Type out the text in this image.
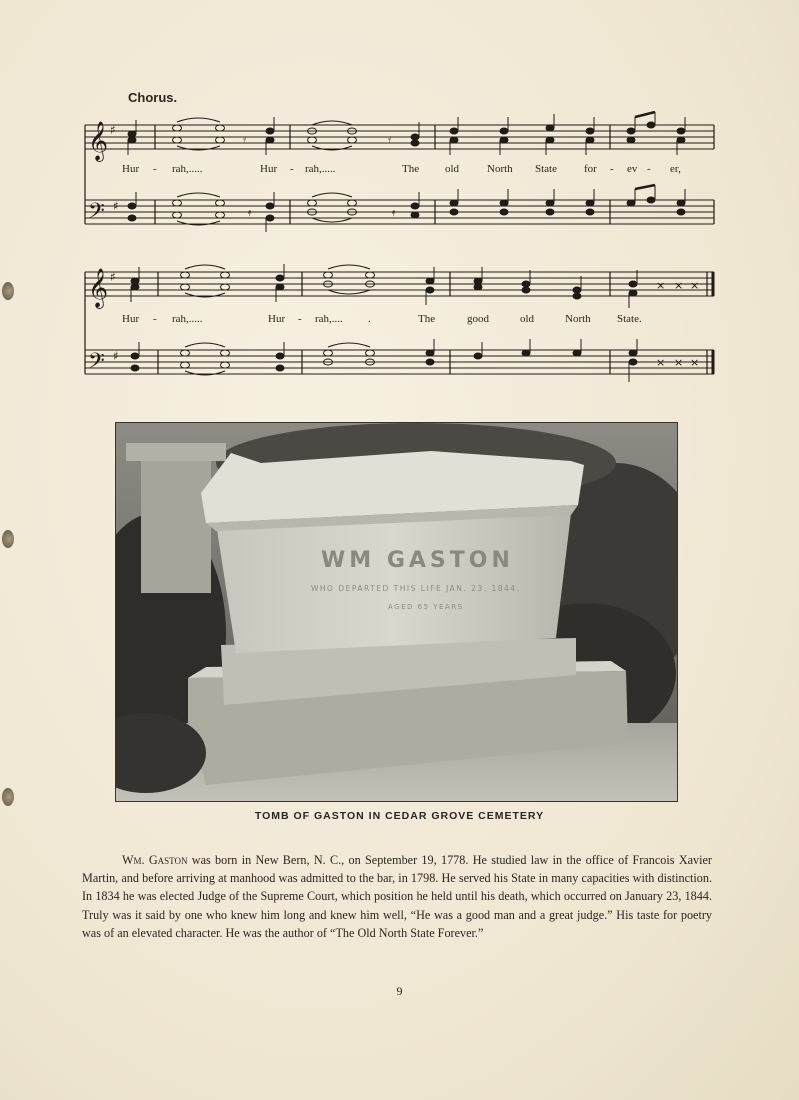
Chorus.
𝄞
𝄢
𝄞
𝄢
♯
♯
♯
♯
𝄿	𝄿
𝄿	𝄿
× × ×
× × ×
Hur - rah,.....	Hur - rah,.....	The old	North State for - ev - er,
Hur - rah,.....	Hur - rah,.... .	The	good	old	North State.
WM GASTON
WHO DEPARTED THIS LIFE JAN. 23. 1844.
AGED 65 YEARS
TOMB OF GASTON IN CEDAR GROVE CEMETERY
Wm. Gaston was born in New Bern, N. C., on September 19, 1778. He studied law in the office of Francois Xavier Martin, and before arriving at manhood was admitted to the bar, in 1798. He served his State in many capacities with distinction. In 1834 he was elected Judge of the Supreme Court, which position he held until his death, which occurred on January 23, 1844. Truly was it said by one who knew him long and knew him well, “He was a good man and a great judge.” His taste for poetry was of an elevated character. He was the author of “The Old North State Forever.”
9
